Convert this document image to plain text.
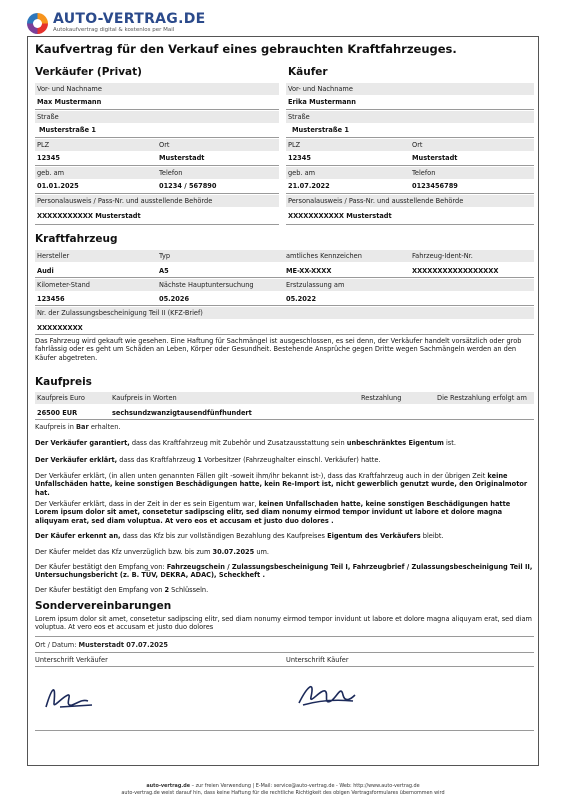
AUTO-VERTRAG.DE
Autokaufvertrag digital & kostenlos per Mail
Kaufvertrag für den Verkauf eines gebrauchten Kraftfahrzeuges.
Verkäufer (Privat)	Käufer
Vor- und Nachname	Vor- und Nachname
Max Mustermann	Erika Mustermann
Straße	Straße
Musterstraße 1	Musterstraße 1
PLZ	Ort	PLZ	Ort
12345	Musterstadt	12345	Musterstadt
geb. am	Telefon	geb. am	Telefon
01.01.2025	01234 / 567890	21.07.2022	0123456789
Personalausweis / Pass-Nr. und ausstellende Behörde	Personalausweis / Pass-Nr. und ausstellende Behörde
XXXXXXXXXXX Musterstadt	XXXXXXXXXXX Musterstadt
Kraftfahrzeug
Hersteller	Typ	amtliches Kennzeichen	Fahrzeug-Ident-Nr.
Audi	A5	ME-XX-XXXX	XXXXXXXXXXXXXXXXX
Kilometer-Stand	Nächste Hauptuntersuchung	Erstzulassung am
123456	05.2026	05.2022
Nr. der Zulassungsbescheinigung Teil II (KFZ-Brief)
XXXXXXXXX
Das Fahrzeug wird gekauft wie gesehen. Eine Haftung für Sachmängel ist ausgeschlossen, es sei denn, der Verkäufer handelt vorsätzlich oder grob fahrlässig oder es geht um Schäden an Leben, Körper oder Gesundheit. Bestehende Ansprüche gegen Dritte wegen Sachmängeln werden an den Käufer abgetreten.
Kaufpreis
Kaufpreis Euro	Kaufpreis in Worten	Restzahlung	Die Restzahlung erfolgt am
26500 EUR	sechsundzwanzigtausendfünfhundert
Kaufpreis in Bar erhalten.
Der Verkäufer garantiert, dass das Kraftfahrzeug mit Zubehör und Zusatzausstattung sein unbeschränktes Eigentum ist.
Der Verkäufer erklärt, dass das Kraftfahrzeug 1 Vorbesitzer (Fahrzeughalter einschl. Verkäufer) hatte.
Der Verkäufer erklärt, (in allen unten genannten Fällen gilt -soweit ihm/ihr bekannt ist-), dass das Kraftfahrzeug auch in der übrigen Zeit keine Unfallschäden hatte, keine sonstigen Beschädigungen hatte, kein Re-Import ist, nicht gewerblich genutzt wurde, den Originalmotor hat.
Der Verkäufer erklärt, dass in der Zeit in der es sein Eigentum war, keinen Unfallschaden hatte, keine sonstigen Beschädigungen hatte Lorem ipsum dolor sit amet, consetetur sadipscing elitr, sed diam nonumy eirmod tempor invidunt ut labore et dolore magna aliquyam erat, sed diam voluptua. At vero eos et accusam et justo duo dolores .
Der Käufer erkennt an, dass das Kfz bis zur vollständigen Bezahlung des Kaufpreises Eigentum des Verkäufers bleibt.
Der Käufer meldet das Kfz unverzüglich bzw. bis zum 30.07.2025 um.
Der Käufer bestätigt den Empfang von: Fahrzeugschein / Zulassungsbescheinigung Teil I, Fahrzeugbrief / Zulassungsbescheinigung Teil II, Untersuchungsbericht (z. B. TÜV, DEKRA, ADAC), Scheckheft .
Der Käufer bestätigt den Empfang von 2 Schlüsseln.
Sondervereinbarungen
Lorem ipsum dolor sit amet, consetetur sadipscing elitr, sed diam nonumy eirmod tempor invidunt ut labore et dolore magna aliquyam erat, sed diam voluptua. At vero eos et accusam et justo duo dolores
Ort / Datum: Musterstadt 07.07.2025
Unterschrift Verkäufer	Unterschrift Käufer
auto-vertrag.de – zur freien Verwendung | E-Mail: service@auto-vertrag.de - Web: http://www.auto-vertrag.de
auto-vertrag.de weist darauf hin, dass keine Haftung für die rechtliche Richtigkeit des obigen Vertragsformulares übernommen wird
